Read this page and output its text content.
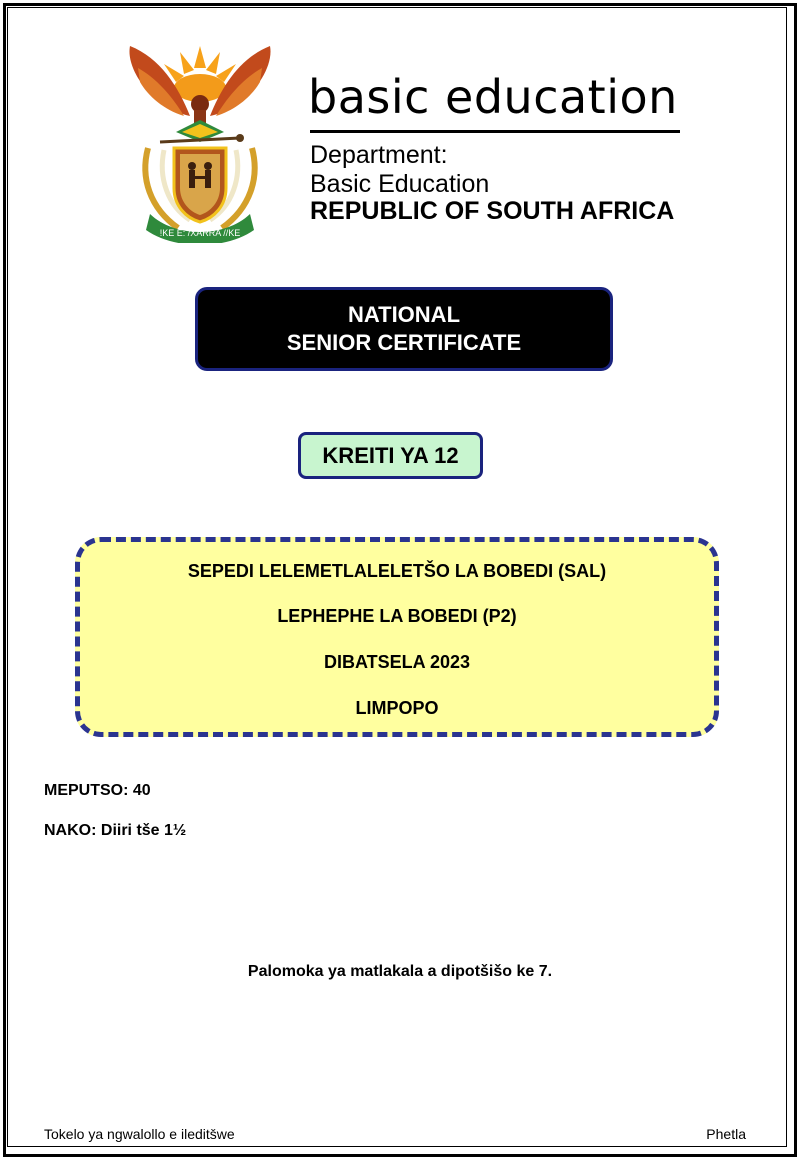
!KE E: /XARRA //KE
basic education
Department:
Basic Education
REPUBLIC OF SOUTH AFRICA
NATIONAL
SENIOR CERTIFICATE
KREITI YA 12
SEPEDI LELEMETLALELETŠO LA BOBEDI (SAL)
LEPHEPHE LA BOBEDI (P2)
DIBATSELA 2023
LIMPOPO
MEPUTSO: 40
NAKO: Diiri tše 1½
Palomoka ya matlakala a dipotšišo ke 7.
Tokelo ya ngwalollo e ileditšwe	Phetla
